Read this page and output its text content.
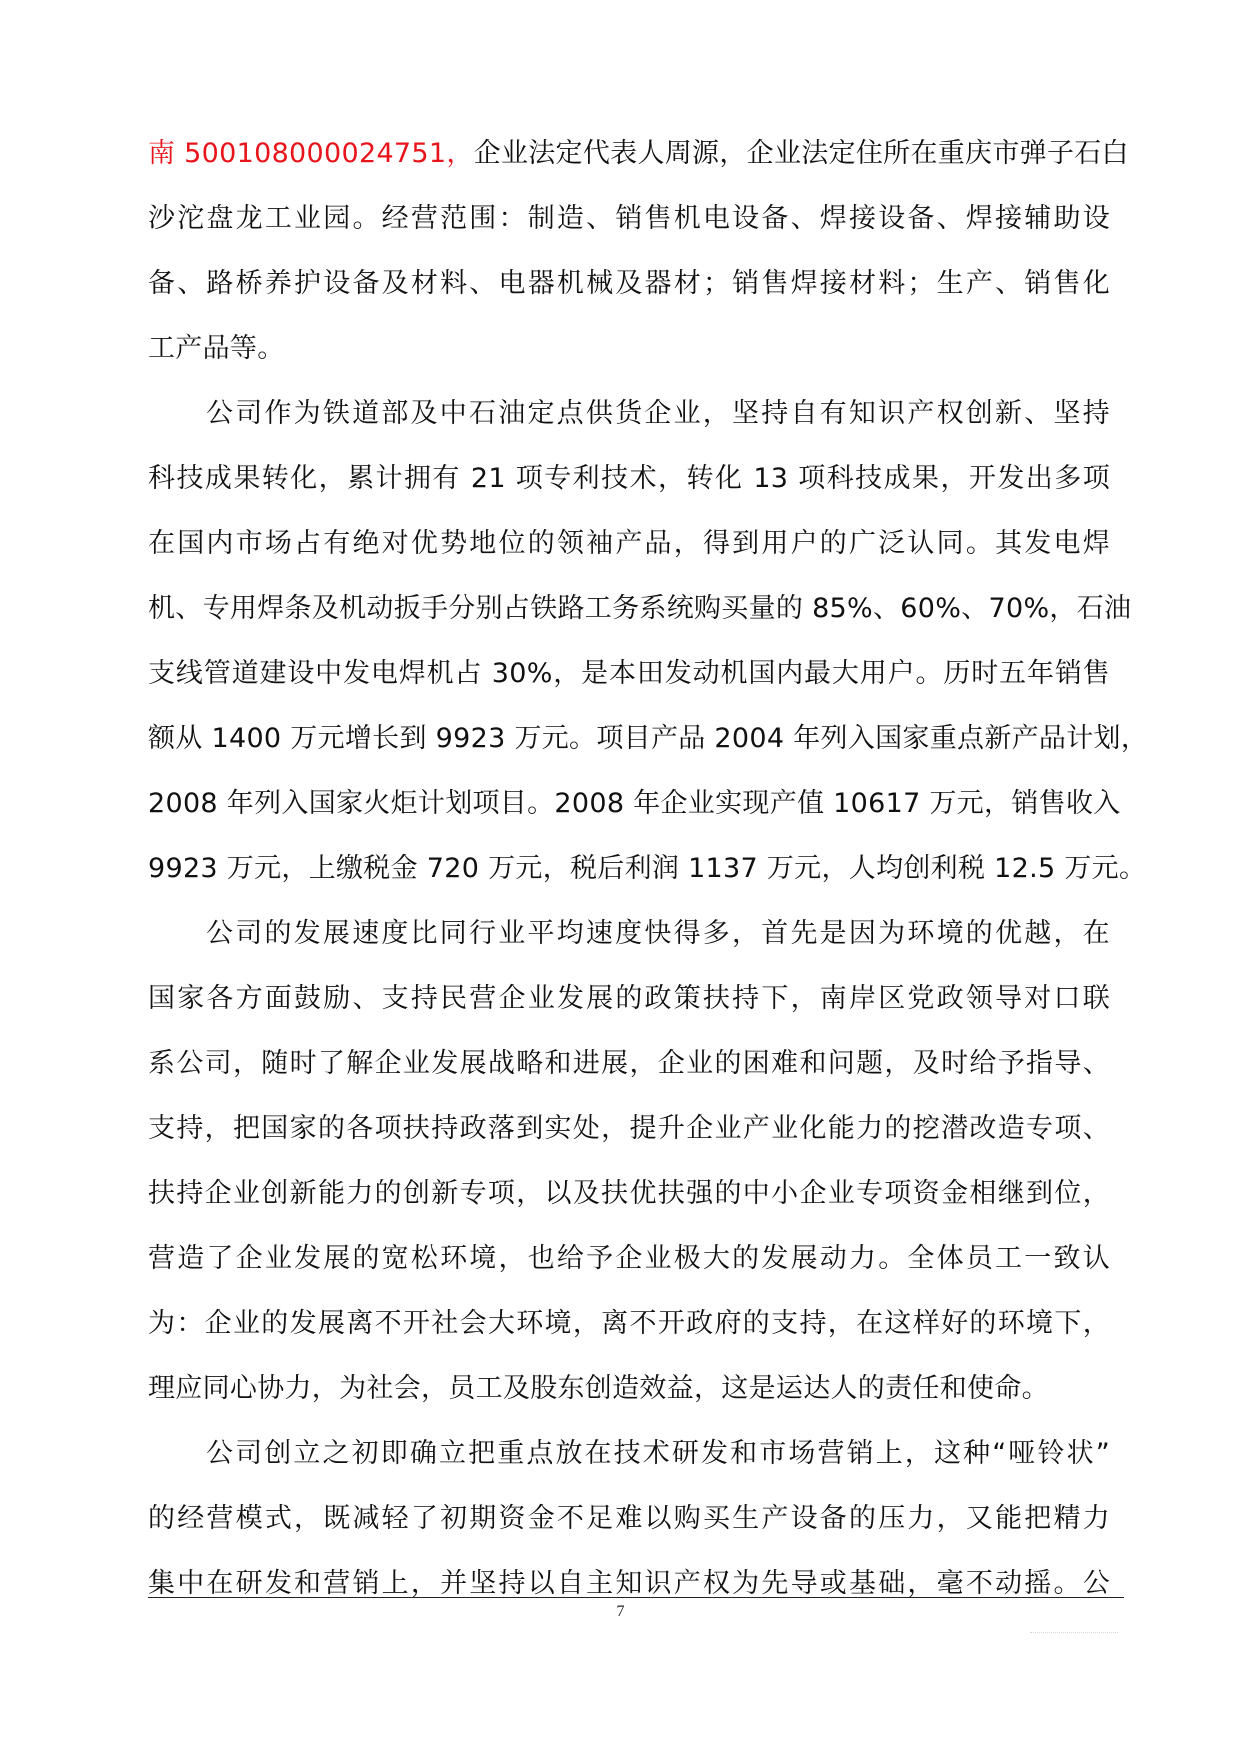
南 500108000024751，企业法定代表人周源，企业法定住所在重庆市弹子石白
沙沱盘龙工业园。经营范围：制造、销售机电设备、焊接设备、焊接辅助设
备、路桥养护设备及材料、电器机械及器材；销售焊接材料；生产、销售化
工产品等。
公司作为铁道部及中石油定点供货企业，坚持自有知识产权创新、坚持
科技成果转化，累计拥有 21 项专利技术，转化 13 项科技成果，开发出多项
在国内市场占有绝对优势地位的领袖产品，得到用户的广泛认同。其发电焊
机、专用焊条及机动扳手分别占铁路工务系统购买量的 85%、60%、70%，石油
支线管道建设中发电焊机占 30%，是本田发动机国内最大用户。历时五年销售
额从 1400 万元增长到 9923 万元。项目产品 2004 年列入国家重点新产品计划，
2008 年列入国家火炬计划项目。2008 年企业实现产值 10617 万元，销售收入
9923 万元，上缴税金 720 万元，税后利润 1137 万元，人均创利税 12.5 万元。
公司的发展速度比同行业平均速度快得多，首先是因为环境的优越，在
国家各方面鼓励、支持民营企业发展的政策扶持下，南岸区党政领导对口联
系公司，随时了解企业发展战略和进展，企业的困难和问题，及时给予指导、
支持，把国家的各项扶持政落到实处，提升企业产业化能力的挖潜改造专项、
扶持企业创新能力的创新专项，以及扶优扶强的中小企业专项资金相继到位，
营造了企业发展的宽松环境，也给予企业极大的发展动力。全体员工一致认
为：企业的发展离不开社会大环境，离不开政府的支持，在这样好的环境下，
理应同心协力，为社会，员工及股东创造效益，这是运达人的责任和使命。
公司创立之初即确立把重点放在技术研发和市场营销上，这种“哑铃状”
的经营模式，既减轻了初期资金不足难以购买生产设备的压力，又能把精力
集中在研发和营销上，并坚持以自主知识产权为先导或基础，毫不动摇。公
7
